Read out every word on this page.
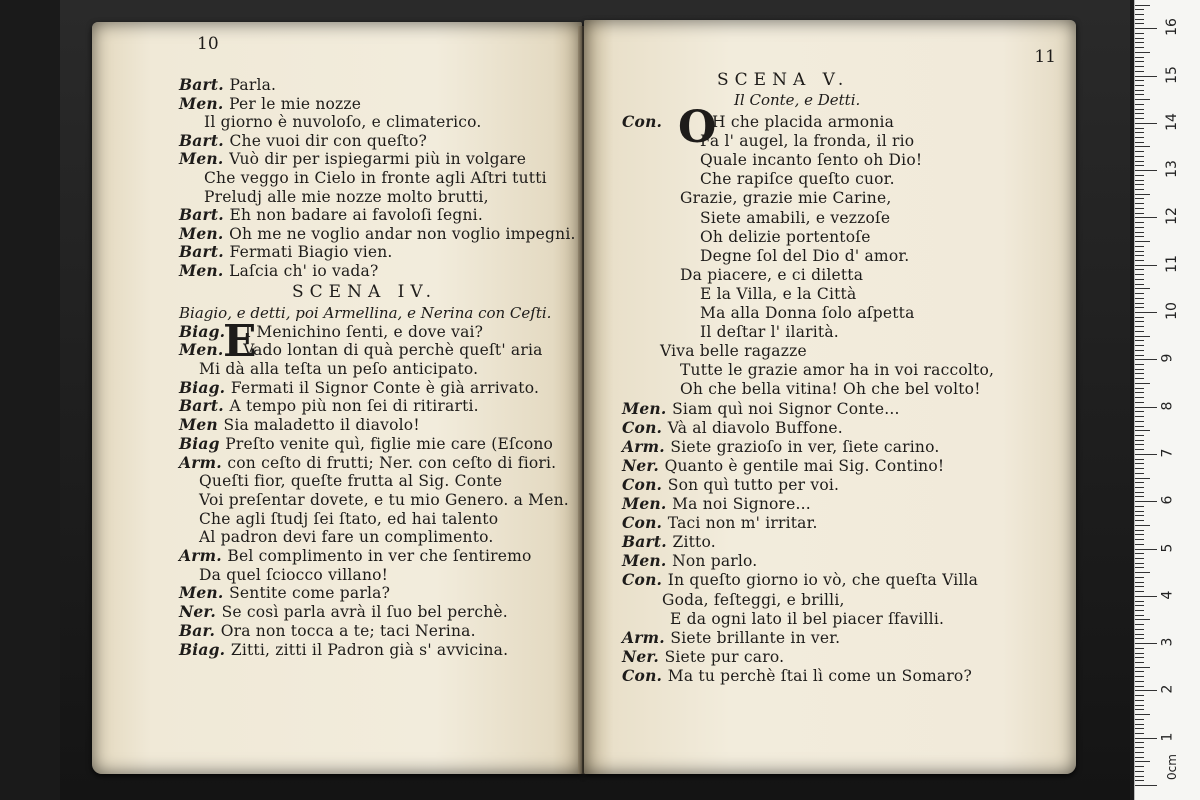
10
Bart. Parla.
Men. Per le mie nozze
Il giorno è nuvoloſo, e climaterico.
Bart. Che vuoi dir con queſto?
Men. Vuò dir per ispiegarmi più in volgare
Che veggo in Cielo in fronte agli Aſtri tutti
Preludj alle mie nozze molto brutti,
Bart. Eh non badare ai favoloſi ſegni.
Men. Oh me ne voglio andar non voglio impegni.
Bart. Fermati Biagio vien.
Men. Laſcia ch' io vada?
SCENA IV.
Biagio, e detti, poi Armellina, e Nerina con Ceſti.
E
Biag. I Menichino ſenti, e dove vai?
Men. Vado lontan di quà perchè queſt' aria
Mi dà alla teſta un peſo anticipato.
Biag. Fermati il Signor Conte è già arrivato.
Bart. A tempo più non ſei di ritirarti.
Men Sia maladetto il diavolo!
Biag Preſto venite quì, figlie mie care (Eſcono
Arm. con ceſto di frutti; Ner. con ceſto di fiori.
Queſti fior, queſte frutta al Sig. Conte
Voi preſentar dovete, e tu mio Genero. a Men.
Che agli ſtudj ſei ſtato, ed hai talento
Al padron devi fare un complimento.
Arm. Bel complimento in ver che ſentiremo
Da quel ſciocco villano!
Men. Sentite come parla?
Ner. Se così parla avrà il ſuo bel perchè.
Bar. Ora non tocca a te; taci Nerina.
Biag. Zitti, zitti il Padron già s' avvicina.
11
SCENA V.
Il Conte, e Detti.
Con. O
H che placida armonia
Fa l' augel, la fronda, il rio
Quale incanto ſento oh Dio!
Che rapiſce queſto cuor.
Grazie, grazie mie Carine,
Siete amabili, e vezzoſe
Oh delizie portentoſe
Degne ſol del Dio d' amor.
Da piacere, e ci diletta
E la Villa, e la Città
Ma alla Donna ſolo aſpetta
Il deſtar l' ilarità.
Viva belle ragazze
Tutte le grazie amor ha in voi raccolto,
Oh che bella vitina! Oh che bel volto!
Men. Siam quì noi Signor Conte...
Con. Và al diavolo Buffone.
Arm. Siete grazioſo in ver, ſiete carino.
Ner. Quanto è gentile mai Sig. Contino!
Con. Son quì tutto per voi.
Men. Ma noi Signore...
Con. Taci non m' irritar.
Bart. Zitto.
Men. Non parlo.
Con. In queſto giorno io vò, che queſta Villa
Goda, feſteggi, e brilli,
E da ogni lato il bel piacer ſfavilli.
Arm. Siete brillante in ver.
Ner. Siete pur caro.
Con. Ma tu perchè ſtai lì come un Somaro?
1
2
3
4
5
6
7
8
9
10
11
12
13
14
15
16
0cm
